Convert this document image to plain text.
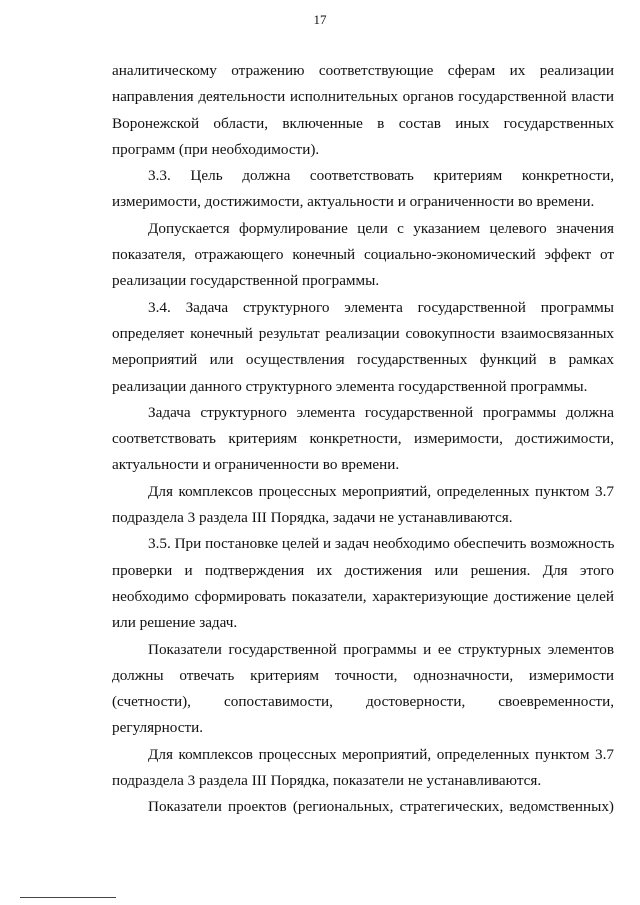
17

аналитическому отражению соответствующие сферам их реализации
направления деятельности исполнительных органов государственной власти
Воронежской области, включенные в состав иных государственных
программ (при необходимости).

3.3. Цель должна соответствовать критериям конкретности,
измеримости, достижимости, актуальности и ограниченности во времени.

Допускается формулирование цели с указанием целевого значения
показателя, отражающего конечный социально-экономический эффект от
реализации государственной программы.

3.4. Задача структурного элемента государственной программы
определяет конечный результат реализации совокупности взаимосвязанных
мероприятий или осуществления государственных функций в рамках
реализации данного структурного элемента государственной программы.

Задача структурного элемента государственной программы должна
соответствовать критериям конкретности, измеримости, достижимости,
актуальности и ограниченности во времени.

Для комплексов процессных мероприятий, определенных пунктом 3.7
подраздела 3 раздела III Порядка, задачи не устанавливаются.

3.5. При постановке целей и задач необходимо обеспечить возможность
проверки и подтверждения их достижения или решения. Для этого
необходимо сформировать показатели, характеризующие достижение целей
или решение задач.

Показатели государственной программы и ее структурных элементов
должны отвечать критериям точности, однозначности, измеримости
(счетности), сопоставимости, достоверности, своевременности,
регулярности.

Для комплексов процессных мероприятий, определенных пунктом 3.7
подраздела 3 раздела III Порядка, показатели не устанавливаются.

Показатели проектов (региональных, стратегических, ведомственных)
